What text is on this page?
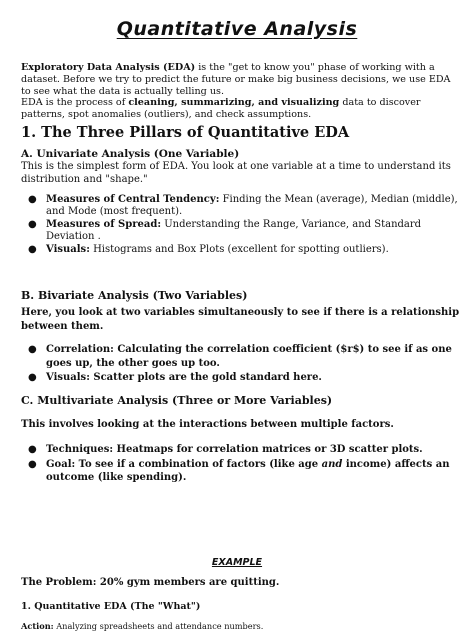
Quantitative Analysis

Exploratory Data Analysis (EDA) is the "get to know you" phase of working with a dataset. Before we try to predict the future or make big business decisions, we use EDA to see what the data is actually telling us.

EDA is the process of cleaning, summarizing, and visualizing data to discover patterns, spot anomalies (outliers), and check assumptions.

1. The Three Pillars of Quantitative EDA
A. Univariate Analysis (One Variable)
This is the simplest form of EDA. You look at one variable at a time to understand its distribution and "shape."
● Measures of Central Tendency: Finding the Mean (average), Median (middle), and Mode (most frequent).
● Measures of Spread: Understanding the Range, Variance, and Standard Deviation .
● Visuals: Histograms and Box Plots (excellent for spotting outliers).
B. Bivariate Analysis (Two Variables)
Here, you look at two variables simultaneously to see if there is a relationship between them.
● Correlation: Calculating the correlation coefficient ($r$) to see if as one goes up, the other goes up too.
● Visuals: Scatter plots are the gold standard here.
C. Multivariate Analysis (Three or More Variables)
This involves looking at the interactions between multiple factors.
● Techniques: Heatmaps for correlation matrices or 3D scatter plots.
● Goal: To see if a combination of factors (like age and income) affects an outcome (like spending).
EXAMPLE
The Problem: 20% gym members are quitting.
1. Quantitative EDA (The "What")
Action: Analyzing spreadsheets and attendance numbers.
